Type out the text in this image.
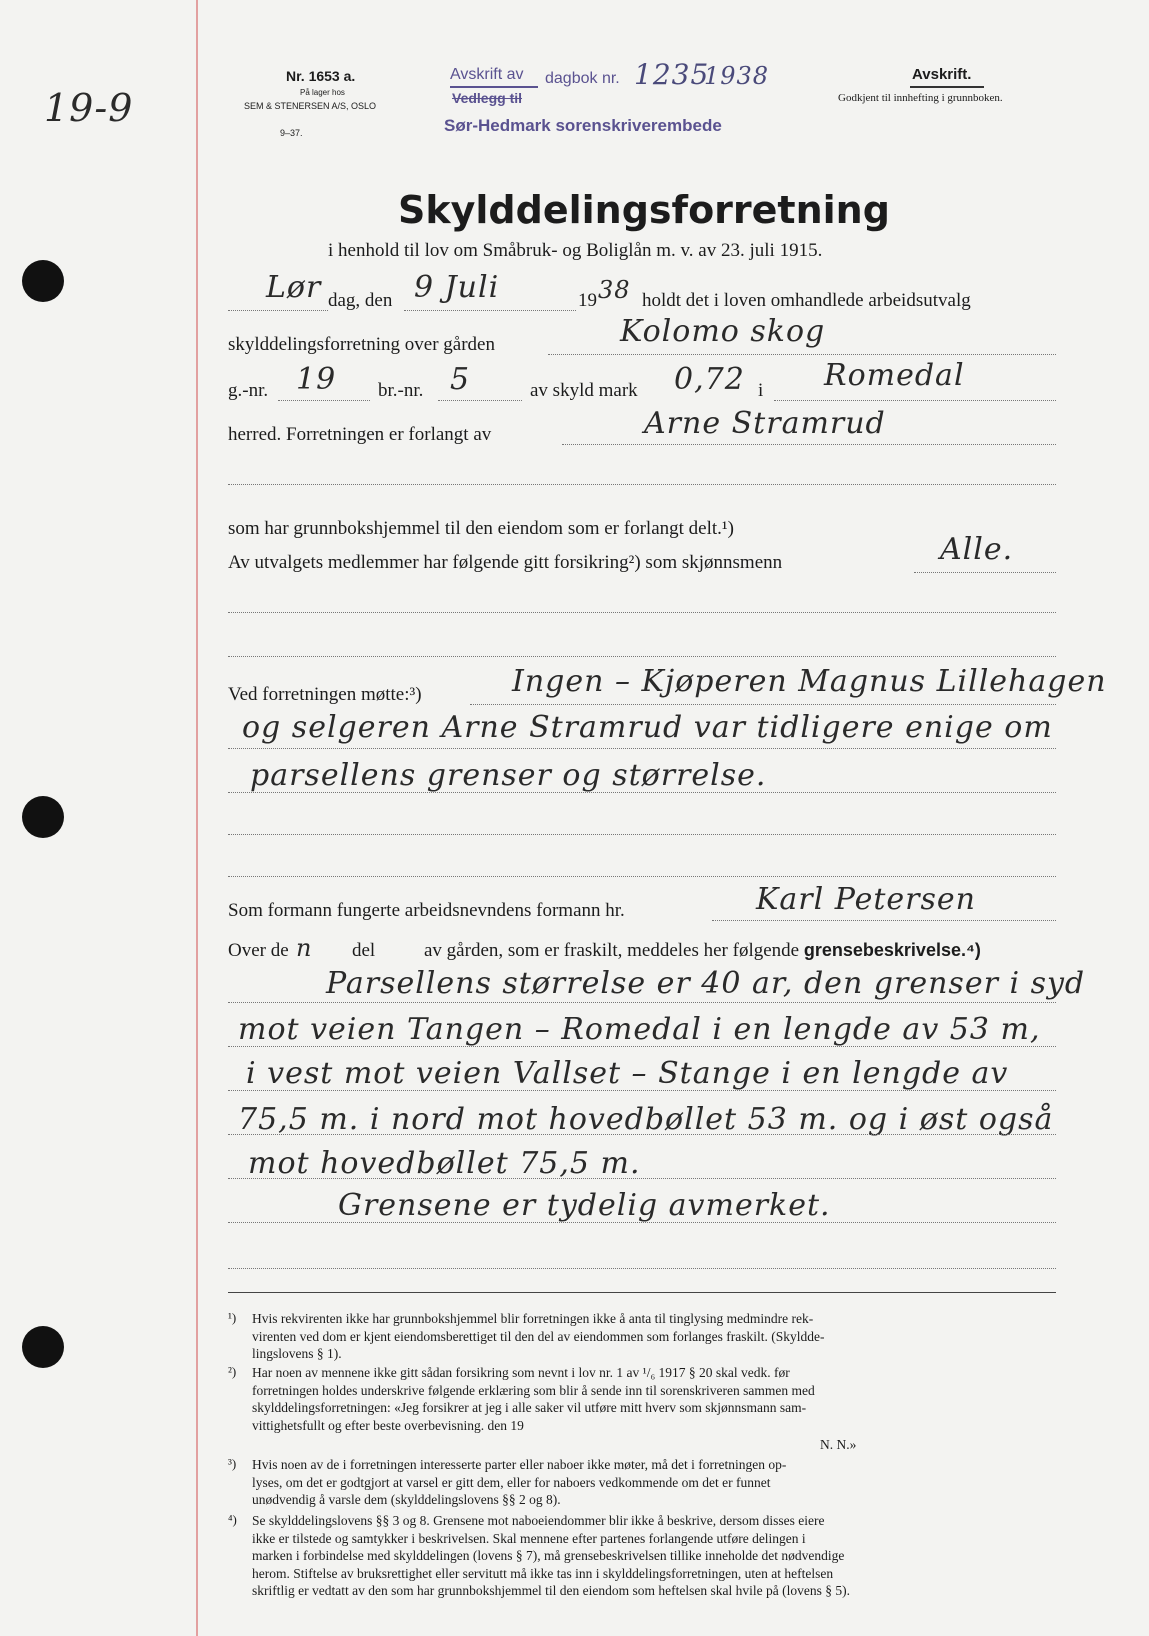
19-9
Nr. 1653 a.
På lager hos
SEM & STENERSEN A/S, OSLO
9–37.
Avskrift av
Vedlegg til
dagbok nr. 1235
1938
Sør-Hedmark sorenskriverembede
Avskrift.
Godkjent til innhefting i grunnboken.
Skylddelingsforretning
i henhold til lov om Småbruk- og Boliglån m. v. av 23. juli 1915.
Lør dag, den 9 Juli	19 38 holdt det i loven omhandlede arbeidsutvalg
skylddelingsforretning over gården	Kolomo skog
g.-nr. 19 br.-nr. 5	av skyld mark 0,72 i Romedal
herred. Forretningen er forlangt av	Arne Stramrud
som har grunnbokshjemmel til den eiendom som er forlangt delt.¹)
Av utvalgets medlemmer har følgende gitt forsikring²) som skjønnsmenn	Alle.
Ved forretningen møtte:³)	Ingen – Kjøperen Magnus Lillehagen
og selgeren Arne Stramrud var tidligere enige om
parsellens grenser og størrelse.
Som formann fungerte arbeidsnevndens formann hr.	Karl Petersen
Over de n del	av gården, som er fraskilt, meddeles her følgende grensebeskrivelse.⁴)
Parsellens størrelse er 40 ar, den grenser i syd
mot veien Tangen – Romedal i en lengde av 53 m,
i vest mot veien Vallset – Stange i en lengde av
75,5 m. i nord mot hovedbøllet 53 m. og i øst også
mot hovedbøllet 75,5 m.
Grensene er tydelig avmerket.
¹) Hvis rekvirenten ikke har grunnbokshjemmel blir forretningen ikke å anta til tinglysing medmindre rek-
virenten ved dom er kjent eiendomsberettiget til den del av eiendommen som forlanges fraskilt. (Skyldde-
lingslovens § 1).
²) Har noen av mennene ikke gitt sådan forsikring som nevnt i lov nr. 1 av ¹/₆ 1917 § 20 skal vedk. før
forretningen holdes underskrive følgende erklæring som blir å sende inn til sorenskriveren sammen med
skylddelingsforretningen: «Jeg forsikrer at jeg i alle saker vil utføre mitt hverv som skjønnsmann sam-
vittighetsfullt og efter beste overbevisning. den 19
N. N.»
³) Hvis noen av de i forretningen interesserte parter eller naboer ikke møter, må det i forretningen op-
lyses, om det er godtgjort at varsel er gitt dem, eller for naboers vedkommende om det er funnet
unødvendig å varsle dem (skylddelingslovens §§ 2 og 8).
⁴) Se skylddelingslovens §§ 3 og 8. Grensene mot naboeiendommer blir ikke å beskrive, dersom disses eiere
ikke er tilstede og samtykker i beskrivelsen. Skal mennene efter partenes forlangende utføre delingen i
marken i forbindelse med skylddelingen (lovens § 7), må grensebeskrivelsen tillike inneholde det nødvendige
herom. Stiftelse av bruksrettighet eller servitutt må ikke tas inn i skylddelingsforretningen, uten at heftelsen
skriftlig er vedtatt av den som har grunnbokshjemmel til den eiendom som heftelsen skal hvile på (lovens § 5).
